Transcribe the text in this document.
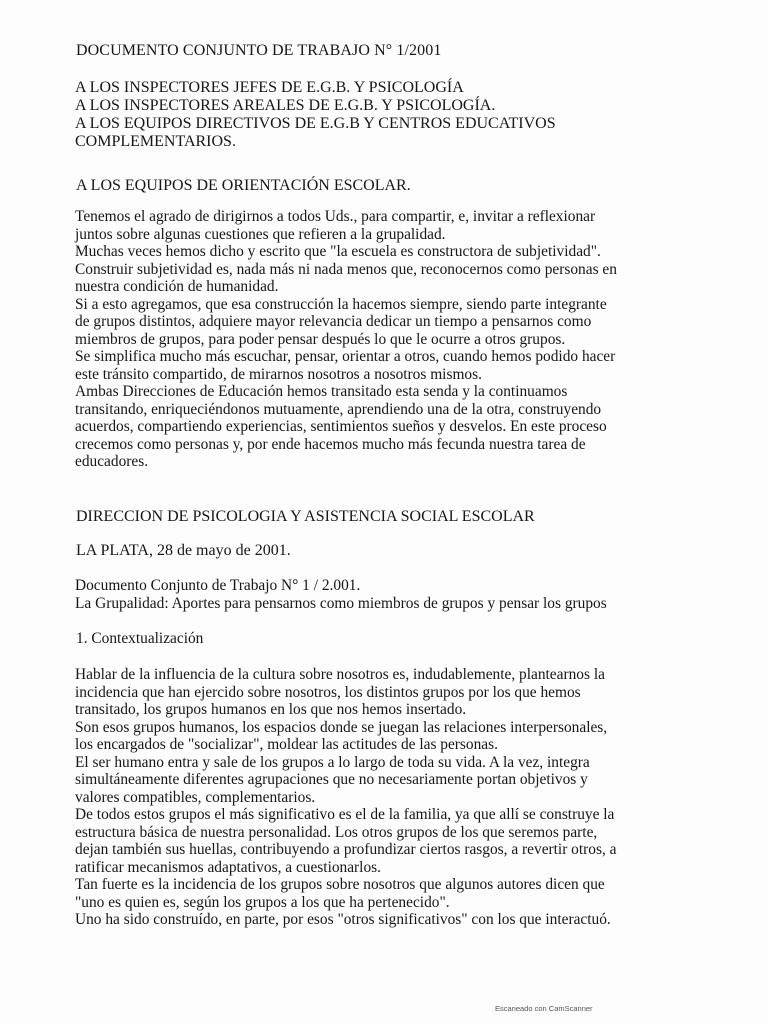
DOCUMENTO CONJUNTO DE TRABAJO N° 1/2001
A LOS INSPECTORES JEFES DE E.G.B. Y PSICOLOGÍA
A LOS INSPECTORES AREALES DE E.G.B. Y PSICOLOGÍA.
A LOS EQUIPOS DIRECTIVOS DE E.G.B Y CENTROS EDUCATIVOS
COMPLEMENTARIOS.
A LOS EQUIPOS DE ORIENTACIÓN ESCOLAR.
Tenemos el agrado de dirigirnos a todos Uds., para compartir, e, invitar a reflexionar
juntos sobre algunas cuestiones que refieren a la grupalidad.
Muchas veces hemos dicho y escrito que "la escuela es constructora de subjetividad".
Construir subjetividad es, nada más ni nada menos que, reconocernos como personas en
nuestra condición de humanidad.
Si a esto agregamos, que esa construcción la hacemos siempre, siendo parte integrante
de grupos distintos, adquiere mayor relevancia dedicar un tiempo a pensarnos como
miembros de grupos, para poder pensar después lo que le ocurre a otros grupos.
Se simplifica mucho más escuchar, pensar, orientar a otros, cuando hemos podido hacer
este tránsito compartido, de mirarnos nosotros a nosotros mismos.
Ambas Direcciones de Educación hemos transitado esta senda y la continuamos
transitando, enriqueciéndonos mutuamente, aprendiendo una de la otra, construyendo
acuerdos, compartiendo experiencias, sentimientos sueños y desvelos. En este proceso
crecemos como personas y, por ende hacemos mucho más fecunda nuestra tarea de
educadores.
DIRECCION DE PSICOLOGIA Y ASISTENCIA SOCIAL ESCOLAR
LA PLATA, 28 de mayo de 2001.
Documento Conjunto de Trabajo N° 1 / 2.001.
La Grupalidad: Aportes para pensarnos como miembros de grupos y pensar los grupos
1. Contextualización
Hablar de la influencia de la cultura sobre nosotros es, indudablemente, plantearnos la
incidencia que han ejercido sobre nosotros, los distintos grupos por los que hemos
transitado, los grupos humanos en los que nos hemos insertado.
Son esos grupos humanos, los espacios donde se juegan las relaciones interpersonales,
los encargados de "socializar", moldear las actitudes de las personas.
El ser humano entra y sale de los grupos a lo largo de toda su vida. A la vez, integra
simultáneamente diferentes agrupaciones que no necesariamente portan objetivos y
valores compatibles, complementarios.
De todos estos grupos el más significativo es el de la familia, ya que allí se construye la
estructura básica de nuestra personalidad. Los otros grupos de los que seremos parte,
dejan también sus huellas, contribuyendo a profundizar ciertos rasgos, a revertir otros, a
ratificar mecanismos adaptativos, a cuestionarlos.
Tan fuerte es la incidencia de los grupos sobre nosotros que algunos autores dicen que
"uno es quien es, según los grupos a los que ha pertenecido".
Uno ha sido construído, en parte, por esos "otros significativos" con los que interactuó.
Escaneado con CamScanner
